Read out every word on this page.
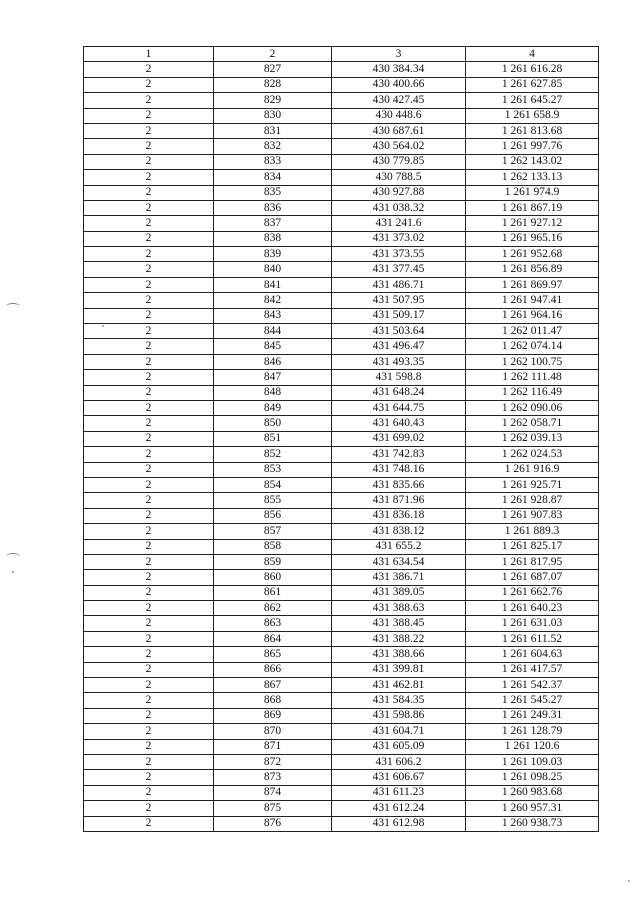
1	2	3	4
2	827	430 384.34	1 261 616.28
2	828	430 400.66	1 261 627.85
2	829	430 427.45	1 261 645.27
2	830	430 448.6	1 261 658.9
2	831	430 687.61	1 261 813.68
2	832	430 564.02	1 261 997.76
2	833	430 779.85	1 262 143.02
2	834	430 788.5	1 262 133.13
2	835	430 927.88	1 261 974.9
2	836	431 038.32	1 261 867.19
2	837	431 241.6	1 261 927.12
2	838	431 373.02	1 261 965.16
2	839	431 373.55	1 261 952.68
2	840	431 377.45	1 261 856.89
2	841	431 486.71	1 261 869.97
2	842	431 507.95	1 261 947.41
2	843	431 509.17	1 261 964.16
2	844	431 503.64	1 262 011.47
2	845	431 496.47	1 262 074.14
2	846	431 493.35	1 262 100.75
2	847	431 598.8	1 262 111.48
2	848	431 648.24	1 262 116.49
2	849	431 644.75	1 262 090.06
2	850	431 640.43	1 262 058.71
2	851	431 699.02	1 262 039.13
2	852	431 742.83	1 262 024.53
2	853	431 748.16	1 261 916.9
2	854	431 835.66	1 261 925.71
2	855	431 871.96	1 261 928.87
2	856	431 836.18	1 261 907.83
2	857	431 838.12	1 261 889.3
2	858	431 655.2	1 261 825.17
2	859	431 634.54	1 261 817.95
2	860	431 386.71	1 261 687.07
2	861	431 389.05	1 261 662.76
2	862	431 388.63	1 261 640.23
2	863	431 388.45	1 261 631.03
2	864	431 388.22	1 261 611.52
2	865	431 388.66	1 261 604.63
2	866	431 399.81	1 261 417.57
2	867	431 462.81	1 261 542.37
2	868	431 584.35	1 261 545.27
2	869	431 598.86	1 261 249.31
2	870	431 604.71	1 261 128.79
2	871	431 605.09	1 261 120.6
2	872	431 606.2	1 261 109.03
2	873	431 606.67	1 261 098.25
2	874	431 611.23	1 260 983.68
2	875	431 612.24	1 260 957.31
2	876	431 612.98	1 260 938.73
